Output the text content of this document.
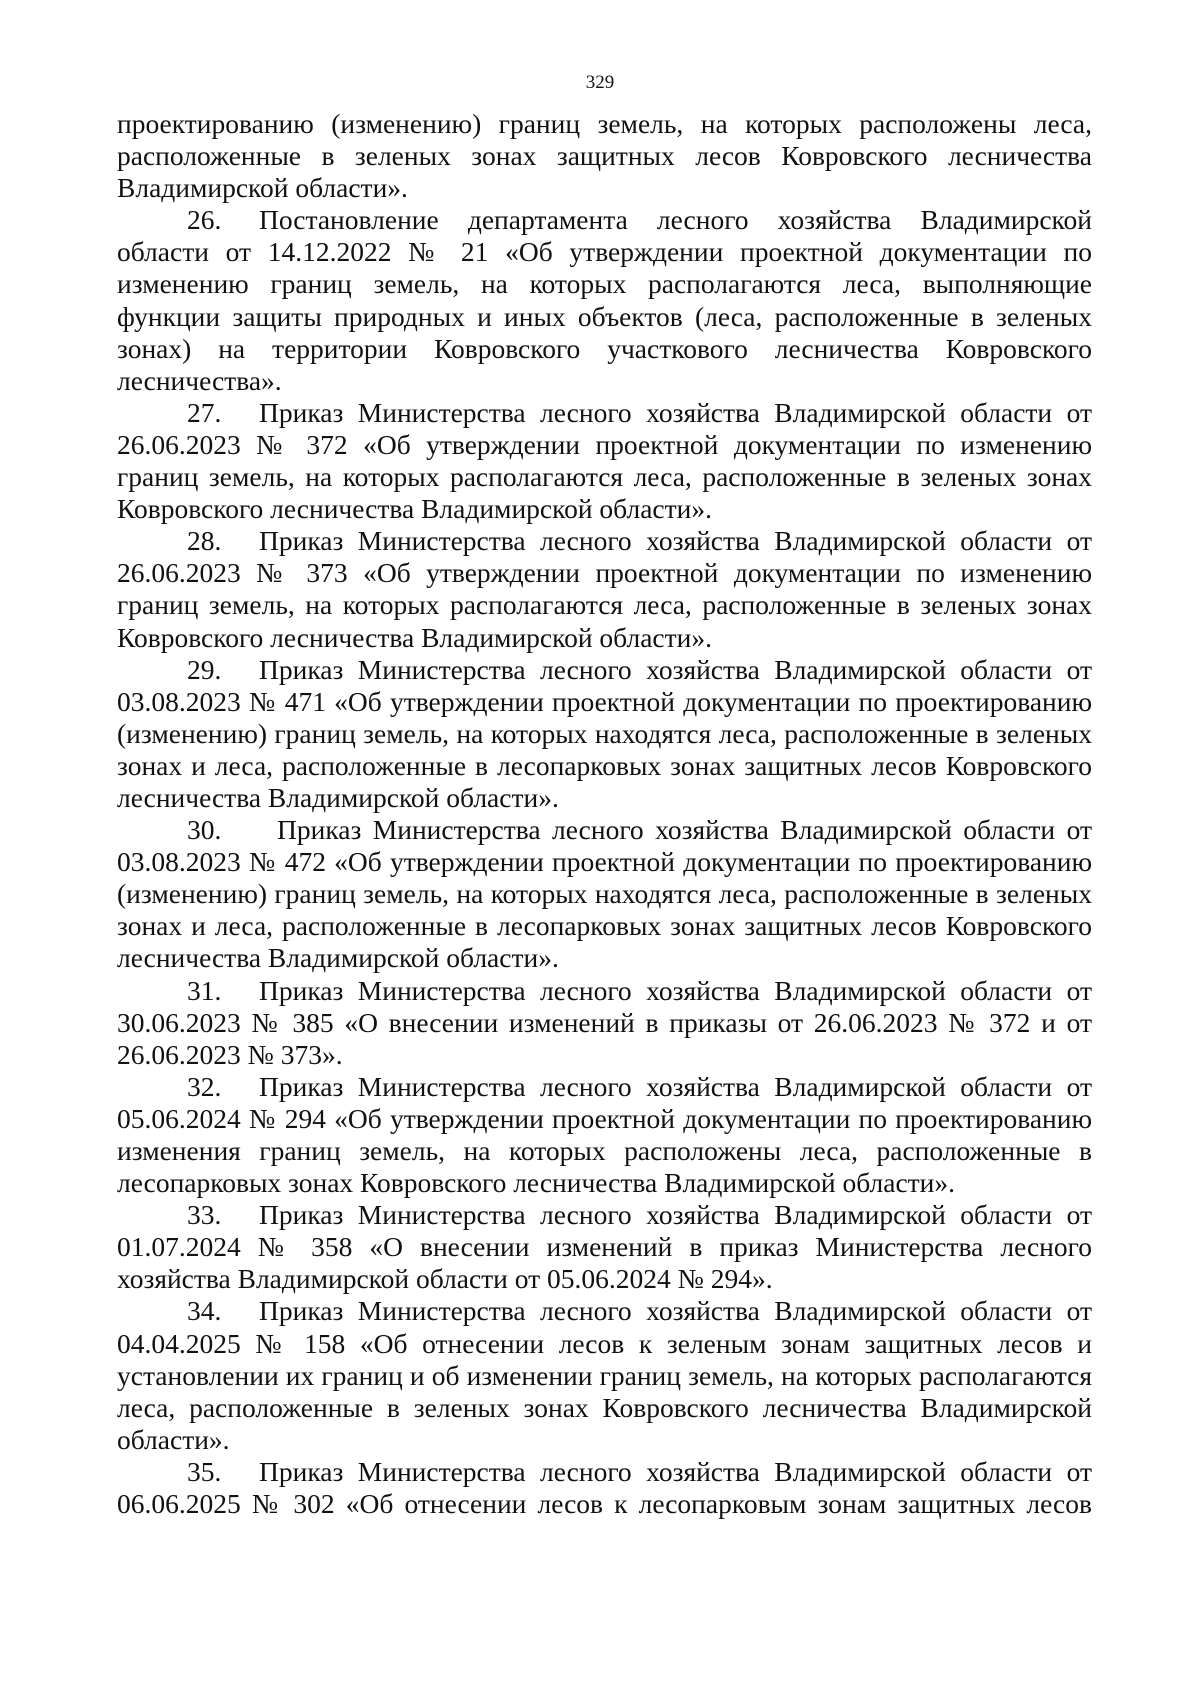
329

проектированию (изменению) границ земель, на которых расположены леса, расположенные в зеленых зонах защитных лесов Ковровского лесничества Владимирской области».

26. Постановление департамента лесного хозяйства Владимирской области от 14.12.2022 № 21 «Об утверждении проектной документации по изменению границ земель, на которых располагаются леса, выполняющие функции защиты природных и иных объектов (леса, расположенные в зеленых зонах) на территории Ковровского участкового лесничества Ковровского лесничества».

27. Приказ Министерства лесного хозяйства Владимирской области от 26.06.2023 № 372 «Об утверждении проектной документации по изменению границ земель, на которых располагаются леса, расположенные в зеленых зонах Ковровского лесничества Владимирской области».

28. Приказ Министерства лесного хозяйства Владимирской области от 26.06.2023 № 373 «Об утверждении проектной документации по изменению границ земель, на которых располагаются леса, расположенные в зеленых зонах Ковровского лесничества Владимирской области».

29. Приказ Министерства лесного хозяйства Владимирской области от 03.08.2023 № 471 «Об утверждении проектной документации по проектированию (изменению) границ земель, на которых находятся леса, расположенные в зеленых зонах и леса, расположенные в лесопарковых зонах защитных лесов Ковровского лесничества Владимирской области».

30. Приказ Министерства лесного хозяйства Владимирской области от 03.08.2023 № 472 «Об утверждении проектной документации по проектированию (изменению) границ земель, на которых находятся леса, расположенные в зеленых зонах и леса, расположенные в лесопарковых зонах защитных лесов Ковровского лесничества Владимирской области».

31. Приказ Министерства лесного хозяйства Владимирской области от 30.06.2023 № 385 «О внесении изменений в приказы от 26.06.2023 № 372 и от 26.06.2023 № 373».

32. Приказ Министерства лесного хозяйства Владимирской области от 05.06.2024 № 294 «Об утверждении проектной документации по проектированию изменения границ земель, на которых расположены леса, расположенные в лесопарковых зонах Ковровского лесничества Владимирской области».

33. Приказ Министерства лесного хозяйства Владимирской области от 01.07.2024 № 358 «О внесении изменений в приказ Министерства лесного хозяйства Владимирской области от 05.06.2024 № 294».

34. Приказ Министерства лесного хозяйства Владимирской области от 04.04.2025 № 158 «Об отнесении лесов к зеленым зонам защитных лесов и установлении их границ и об изменении границ земель, на которых располагаются леса, расположенные в зеленых зонах Ковровского лесничества Владимирской области».

35. Приказ Министерства лесного хозяйства Владимирской области от 06.06.2025 № 302 «Об отнесении лесов к лесопарковым зонам защитных лесов
